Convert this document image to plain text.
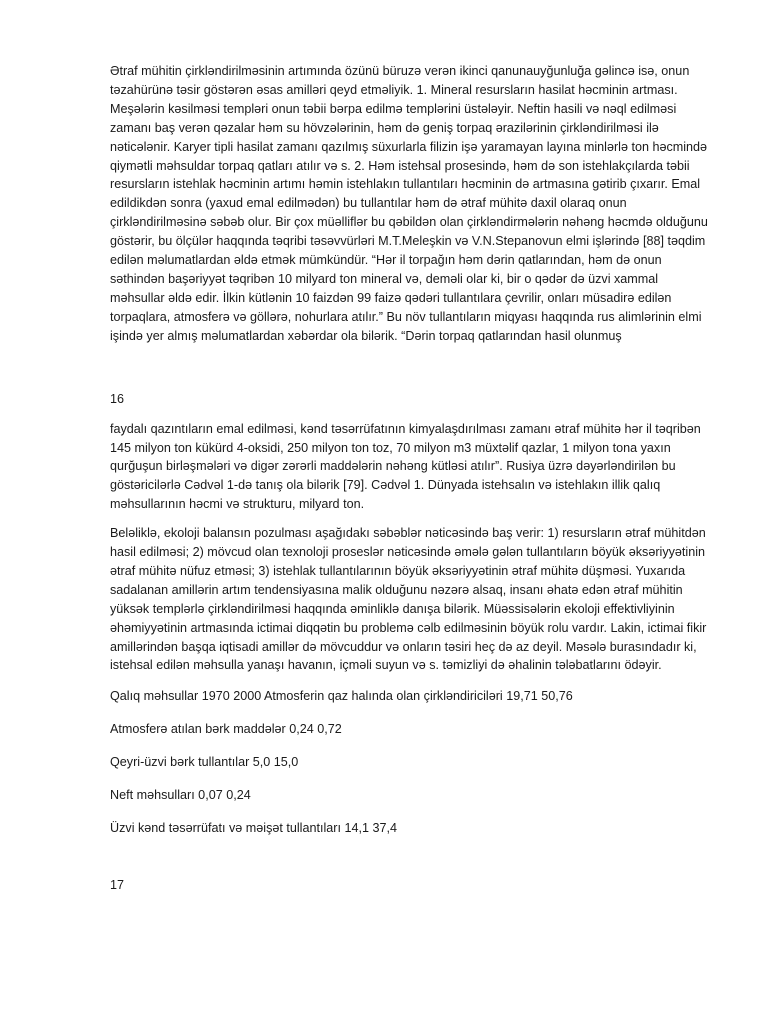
Ətraf mühitin çirkləndirilməsinin artımında özünü büruzə verən ikinci qanunauyğunluğa gəlincə isə, onun təzahürünə təsir göstərən əsas amilləri qeyd etməliyik. 1. Mineral resursların hasilat həcminin artması. Meşələrin kəsilməsi templəri onun təbii bərpa edilmə templərini üstələyir. Neftin hasili və nəql edilməsi zamanı baş verən qəzalar həm su hövzələrinin, həm də geniş torpaq ərazilərinin çirkləndirilməsi ilə nəticələnir. Karyer tipli hasilat zamanı qazılmış süxurlarla filizin işə yaramayan layına minlərlə ton həcmində qiymətli məhsuldar torpaq qatları atılır və s. 2. Həm istehsal prosesində, həm də son istehlakçılarda təbii resursların istehlak həcminin artımı həmin istehlakın tullantıları həcminin də artmasına gətirib çıxarır. Emal edildikdən sonra (yaxud emal edilmədən) bu tullantılar həm də ətraf mühitə daxil olaraq onun çirkləndirilməsinə səbəb olur. Bir çox müəlliflər bu qəbildən olan çirkləndirmələrin nəhəng həcmdə olduğunu göstərir, bu ölçülər haqqında təqribi təsəvvürləri M.T.Meleşkin və V.N.Stepanovun elmi işlərində [88] təqdim edilən məlumatlardan əldə etmək mümkündür. “Hər il torpağın həm dərin qatlarından, həm də onun səthindən başəriyyət təqribən 10 milyard ton mineral və, deməli olar ki, bir o qədər də üzvi xammal məhsullar əldə edir. İlkin kütlənin 10 faizdən 99 faizə qədəri tullantılara çevrilir, onları müsadirə edilən torpaqlara, atmosferə və göllərə, nohurlara atılır.” Bu növ tullantıların miqyası haqqında rus alimlərinin elmi işində yer almış məlumatlardan xəbərdar ola bilərik. “Dərin torpaq qatlarından hasil olunmuş

16

faydalı qazıntıların emal edilməsi, kənd təsərrüfatının kimyalaşdırılması zamanı ətraf mühitə hər il təqribən 145 milyon ton kükürd 4-oksidi, 250 milyon ton toz, 70 milyon m3 müxtəlif qazlar, 1 milyon tona yaxın qurğuşun birləşmələri və digər zərərli maddələrin nəhəng kütləsi atılır”. Rusiya üzrə dəyərləndirilən bu göstəricilərlə Cədvəl 1-də tanış ola bilərik [79]. Cədvəl 1. Dünyada istehsalın və istehlakın illik qalıq məhsullarının həcmi və strukturu, milyard ton.

Beləliklə, ekoloji balansın pozulması aşağıdakı səbəblər nəticəsində baş verir: 1) resursların ətraf mühitdən hasil edilməsi; 2) mövcud olan texnoloji proseslər nəticəsində əmələ gələn tullantıların böyük əksəriyyətinin ətraf mühitə nüfuz etməsi; 3) istehlak tullantılarının böyük əksəriyyətinin ətraf mühitə düşməsi. Yuxarıda sadalanan amillərin artım tendensiyasına malik olduğunu nəzərə alsaq, insanı əhatə edən ətraf mühitin yüksək templərlə çirkləndirilməsi haqqında əminliklə danışa bilərik. Müəssisələrin ekoloji effektivliyinin əhəmiyyətinin artmasında ictimai diqqətin bu problemə cəlb edilməsinin böyük rolu vardır. Lakin, ictimai fikir amillərindən başqa iqtisadi amillər də mövcuddur və onların təsiri heç də az deyil. Məsələ burasındadır ki, istehsal edilən məhsulla yanaşı havanın, içməli suyun və s. təmizliyi də əhalinin tələbatlarını ödəyir.

Qalıq məhsullar 1970 2000 Atmosferin qaz halında olan çirkləndiriciləri 19,71 50,76

Atmosferə atılan bərk maddələr 0,24 0,72

Qeyri-üzvi bərk tullantılar 5,0 15,0

Neft məhsulları 0,07 0,24

Üzvi kənd təsərrüfatı və məişət tullantıları 14,1 37,4

17
